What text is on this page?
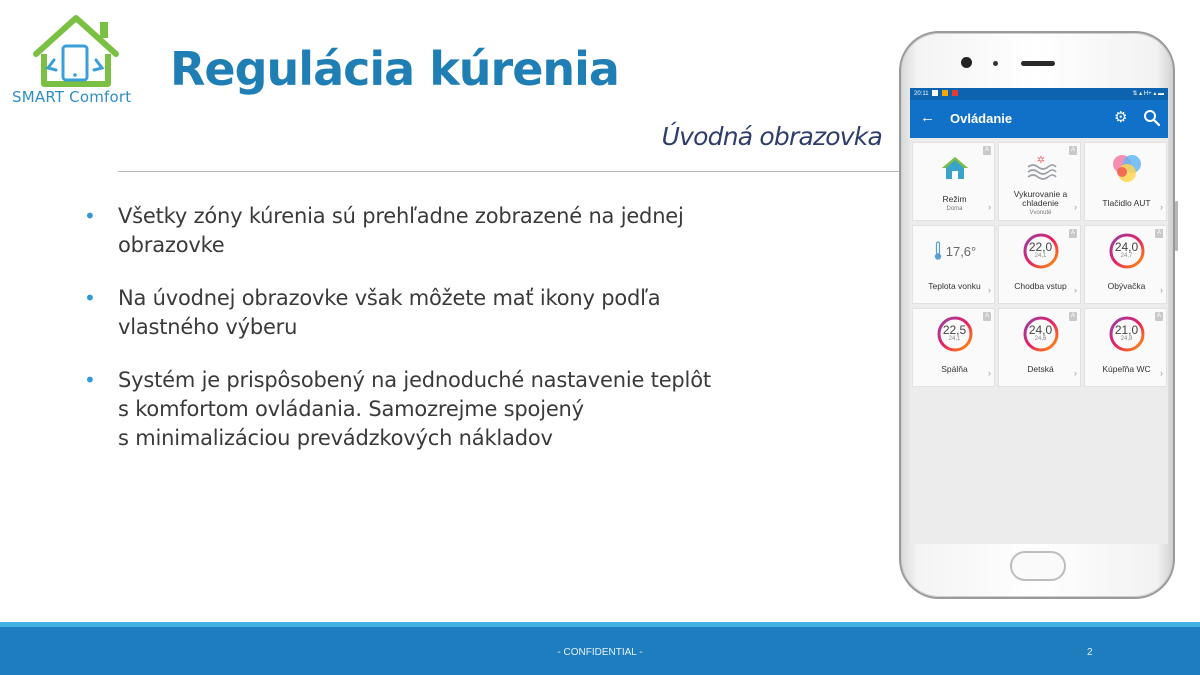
SMART Comfort
Regulácia kúrenia
Úvodná obrazovka
• Všetky zóny kúrenia sú prehľadne zobrazené na jednej
obrazovke
• Na úvodnej obrazovke však môžete mať ikony podľa
vlastného výberu
• Systém je prispôsobený na jednoduché nastavenie teplôt
s komfortom ovládania. Samozrejme spojený
s minimalizáciou prevádzkových nákladov
20:11	⇅ ▴ H+ ▴ ▬
← Ovládanie	⚙
A
Režim
Doma	›
A
✲
Vykurovanie a chladenie
Vvonuté
›	Tlačidlo AUT	›
17,6°
Teplota vonku ›
A
22,0
24,1
Chodba vstup ›
A
24,0
24,7
Obývačka	›
A
22,5
24,1
Spálňa	›
A
24,0
24,6
Detská	›
A
21,0
24,8
Kúpeľňa WC	›
- CONFIDENTIAL -	2
